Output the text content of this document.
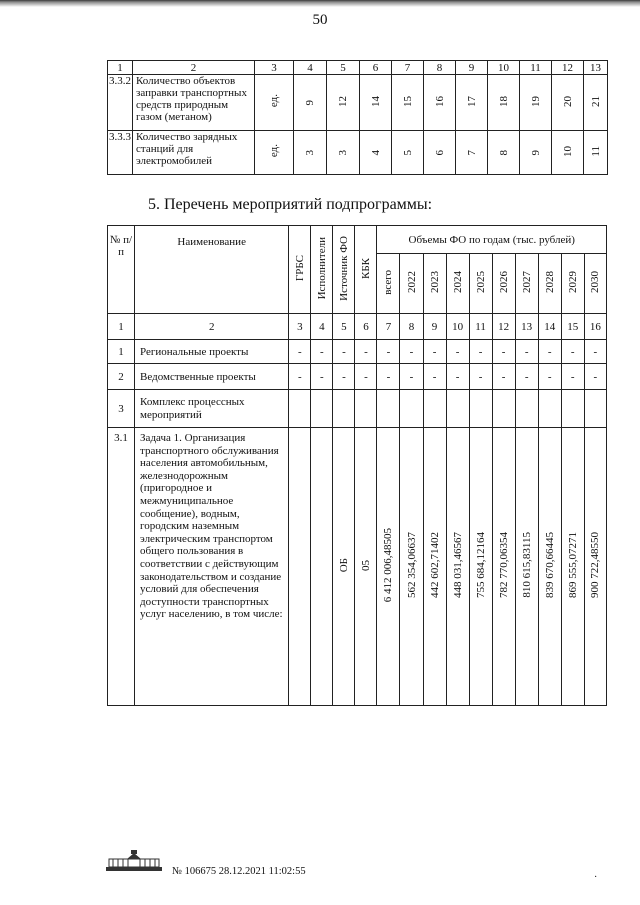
50
1	2	3	4	5	6	7	8	9	10	11	12	13
3.3.2	Количество объектов заправки транспортных средств природным газом (метаном)	ед.	9	12	14	15	16	17	18	19	20	21
3.3.3	Количество зарядных станций для электромобилей	ед.	3	3	4	5	6	7	8	9	10	11
5. Перечень мероприятий подпрограммы:
№ п/п	Наименование	ГРБС	Исполнители	Источник ФО	КБК	Объемы ФО по годам (тыс. рублей)									
						всего	2022	2023	2024	2025	2026	2027	2028	2029	2030
1	2	3	4	5	6	7	8	9	10	11	12	13	14	15	16
1	Региональные проекты	-	-	-	-	-	-	-	-	-	-	-	-	-	-
2	Ведомственные проекты	-	-	-	-	-	-	-	-	-	-	-	-	-	-
3	Комплекс процессных мероприятий														
3.1	Задача 1. Организация транспортного обслуживания населения автомобильным, железнодорожным (пригородное и межмуниципальное сообщение), водным, городским наземным электрическим транспортом общего пользования в соответствии с действующим законодательством и создание условий для обеспечения доступности транспортных услуг населению, в том числе:			ОБ	05	6 412 006,48505	562 354,06637	442 602,71402	448 031,46567	755 684,12164	782 770,06354	810 615,83115	839 670,66445	869 555,07271	900 722,48550
№ 106675 28.12.2021 11:02:55
·
